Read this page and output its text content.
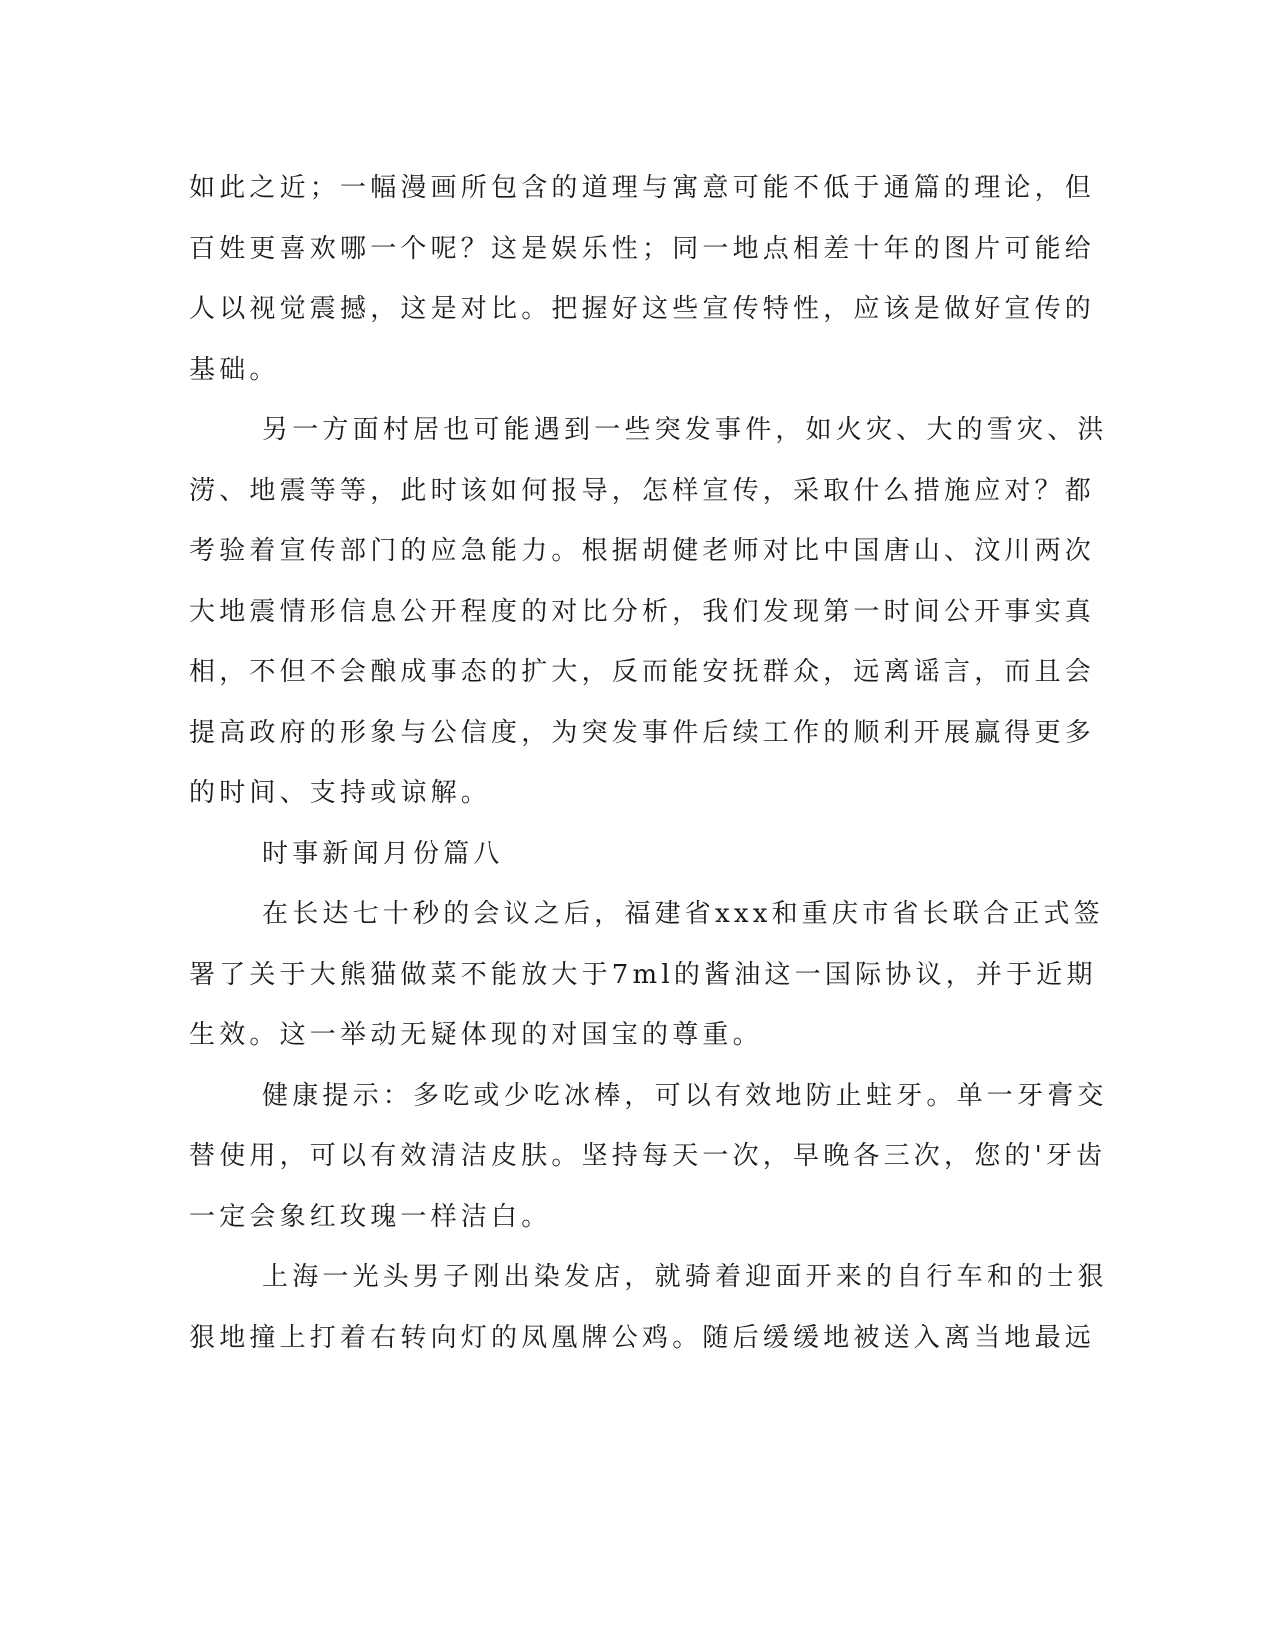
如此之近；一幅漫画所包含的道理与寓意可能不低于通篇的理论，但
百姓更喜欢哪一个呢？这是娱乐性；同一地点相差十年的图片可能给
人以视觉震撼，这是对比。把握好这些宣传特性，应该是做好宣传的
基础。
另一方面村居也可能遇到一些突发事件，如火灾、大的雪灾、洪
涝、地震等等，此时该如何报导，怎样宣传，采取什么措施应对？都
考验着宣传部门的应急能力。根据胡健老师对比中国唐山、汶川两次
大地震情形信息公开程度的对比分析，我们发现第一时间公开事实真
相，不但不会酿成事态的扩大，反而能安抚群众，远离谣言，而且会
提高政府的形象与公信度，为突发事件后续工作的顺利开展赢得更多
的时间、支持或谅解。
时事新闻月份篇八
在长达七十秒的会议之后，福建省xxx和重庆市省长联合正式签
署了关于大熊猫做菜不能放大于7ml的酱油这一国际协议，并于近期
生效。这一举动无疑体现的对国宝的尊重。
健康提示：多吃或少吃冰棒，可以有效地防止蛀牙。单一牙膏交
替使用，可以有效清洁皮肤。坚持每天一次，早晚各三次，您的'牙齿
一定会象红玫瑰一样洁白。
上海一光头男子刚出染发店，就骑着迎面开来的自行车和的士狠
狠地撞上打着右转向灯的凤凰牌公鸡。随后缓缓地被送入离当地最远
